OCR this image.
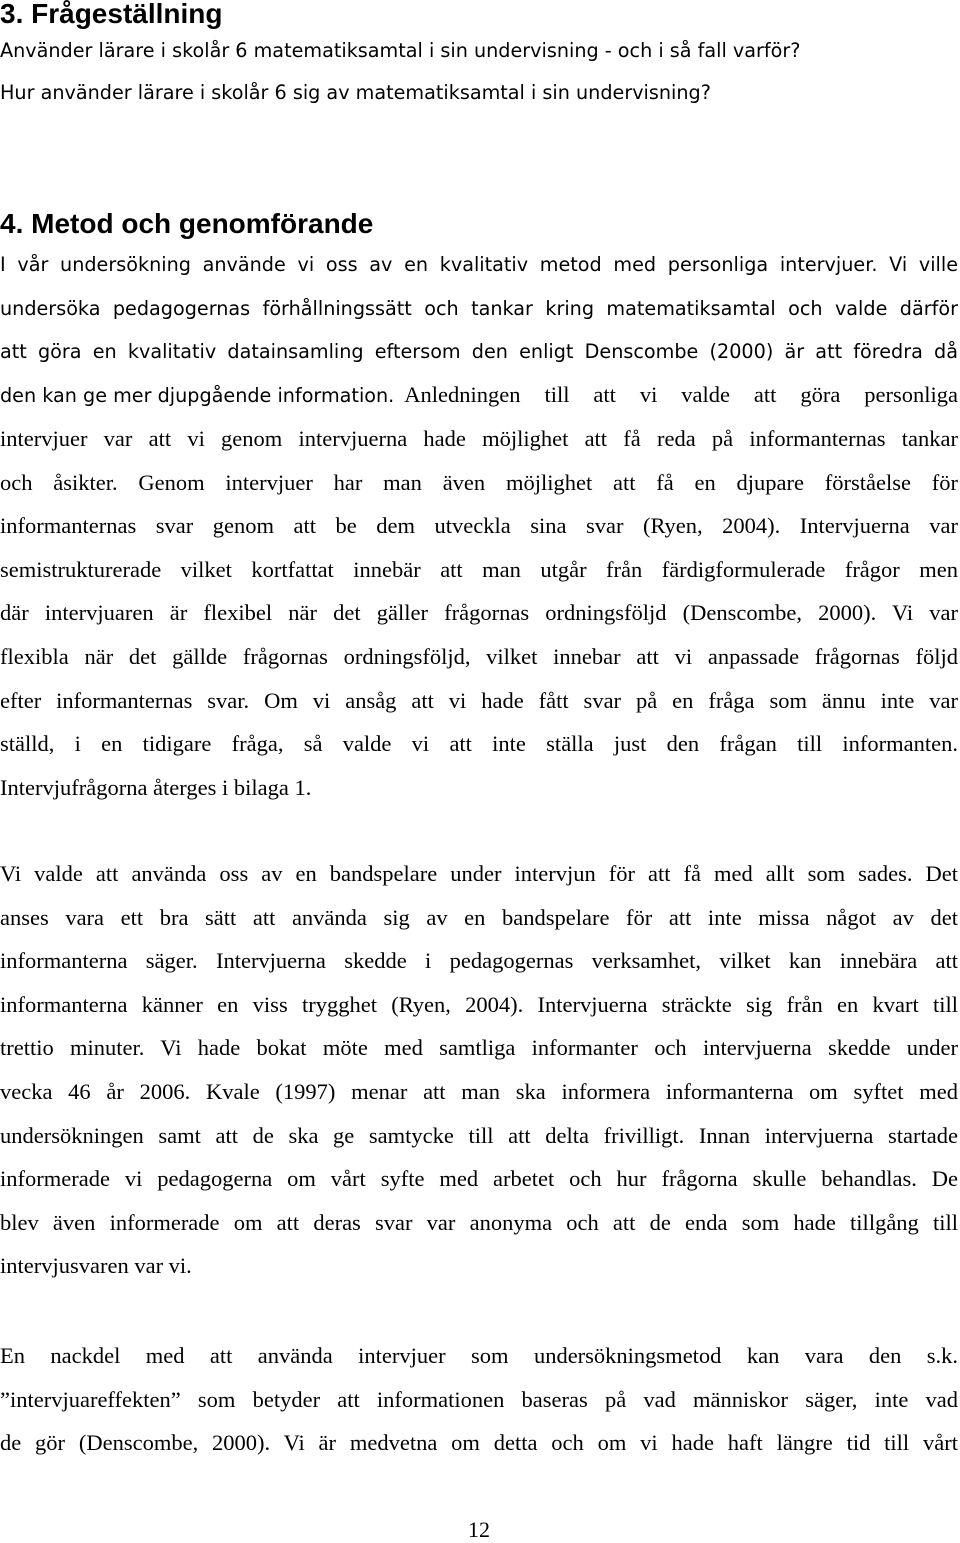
3. Frågeställning
Använder lärare i skolår 6 matematiksamtal i sin undervisning - och i så fall varför?
Hur använder lärare i skolår 6 sig av matematiksamtal i sin undervisning?
4. Metod och genomförande
I vår undersökning använde vi oss av en kvalitativ metod med personliga intervjuer. Vi ville
undersöka pedagogernas förhållningssätt och tankar kring matematiksamtal och valde därför
att göra en kvalitativ datainsamling eftersom den enligt Denscombe (2000) är att föredra då
den kan ge mer djupgående information. Anledningen till att vi valde att göra personliga
intervjuer var att vi genom intervjuerna hade möjlighet att få reda på informanternas tankar
och åsikter. Genom intervjuer har man även möjlighet att få en djupare förståelse för
informanternas svar genom att be dem utveckla sina svar (Ryen, 2004). Intervjuerna var
semistrukturerade vilket kortfattat innebär att man utgår från färdigformulerade frågor men
där intervjuaren är flexibel när det gäller frågornas ordningsföljd (Denscombe, 2000). Vi var
flexibla när det gällde frågornas ordningsföljd, vilket innebar att vi anpassade frågornas följd
efter informanternas svar. Om vi ansåg att vi hade fått svar på en fråga som ännu inte var
ställd, i en tidigare fråga, så valde vi att inte ställa just den frågan till informanten.
Intervjufrågorna återges i bilaga 1.
Vi valde att använda oss av en bandspelare under intervjun för att få med allt som sades. Det
anses vara ett bra sätt att använda sig av en bandspelare för att inte missa något av det
informanterna säger. Intervjuerna skedde i pedagogernas verksamhet, vilket kan innebära att
informanterna känner en viss trygghet (Ryen, 2004). Intervjuerna sträckte sig från en kvart till
trettio minuter. Vi hade bokat möte med samtliga informanter och intervjuerna skedde under
vecka 46 år 2006. Kvale (1997) menar att man ska informera informanterna om syftet med
undersökningen samt att de ska ge samtycke till att delta frivilligt. Innan intervjuerna startade
informerade vi pedagogerna om vårt syfte med arbetet och hur frågorna skulle behandlas. De
blev även informerade om att deras svar var anonyma och att de enda som hade tillgång till
intervjusvaren var vi.
En nackdel med att använda intervjuer som undersökningsmetod kan vara den s.k.
”intervjuareffekten” som betyder att informationen baseras på vad människor säger, inte vad
de gör (Denscombe, 2000). Vi är medvetna om detta och om vi hade haft längre tid till vårt
12
